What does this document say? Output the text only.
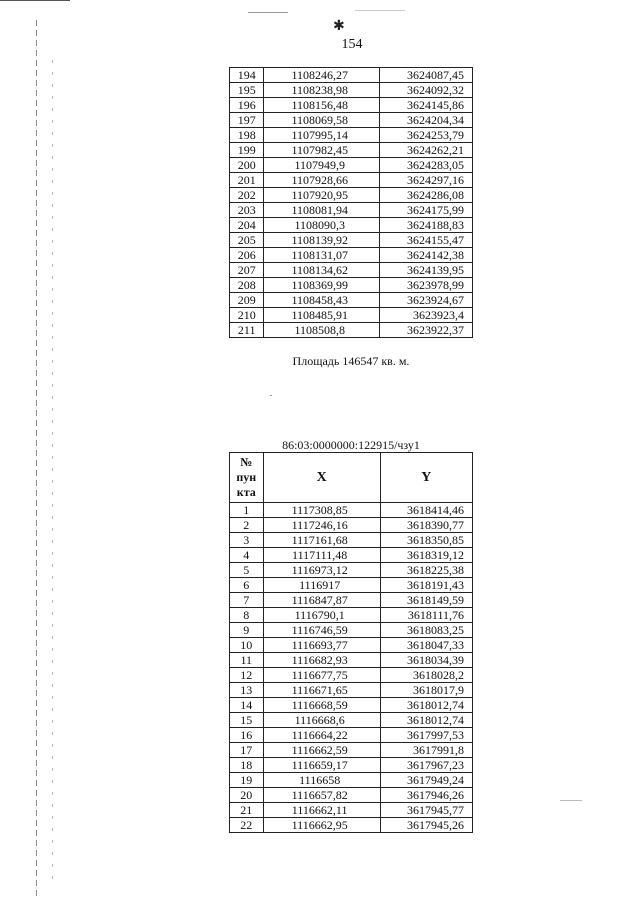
✱
154
194	1108246,27	3624087,45
195	1108238,98	3624092,32
196	1108156,48	3624145,86
197	1108069,58	3624204,34
198	1107995,14	3624253,79
199	1107982,45	3624262,21
200	1107949,9	3624283,05
201	1107928,66	3624297,16
202	1107920,95	3624286,08
203	1108081,94	3624175,99
204	1108090,3	3624188,83
205	1108139,92	3624155,47
206	1108131,07	3624142,38
207	1108134,62	3624139,95
208	1108369,99	3623978,99
209	1108458,43	3623924,67
210	1108485,91	3623923,4
211	1108508,8	3623922,37
Площадь 146547 кв. м.
86:03:0000000:122915/чзу1
№
пун
кта	X	Y
1	1117308,85	3618414,46
2	1117246,16	3618390,77
3	1117161,68	3618350,85
4	1117111,48	3618319,12
5	1116973,12	3618225,38
6	1116917	3618191,43
7	1116847,87	3618149,59
8	1116790,1	3618111,76
9	1116746,59	3618083,25
10	1116693,77	3618047,33
11	1116682,93	3618034,39
12	1116677,75	3618028,2
13	1116671,65	3618017,9
14	1116668,59	3618012,74
15	1116668,6	3618012,74
16	1116664,22	3617997,53
17	1116662,59	3617991,8
18	1116659,17	3617967,23
19	1116658	3617949,24
20	1116657,82	3617946,26
21	1116662,11	3617945,77
22	1116662,95	3617945,26
